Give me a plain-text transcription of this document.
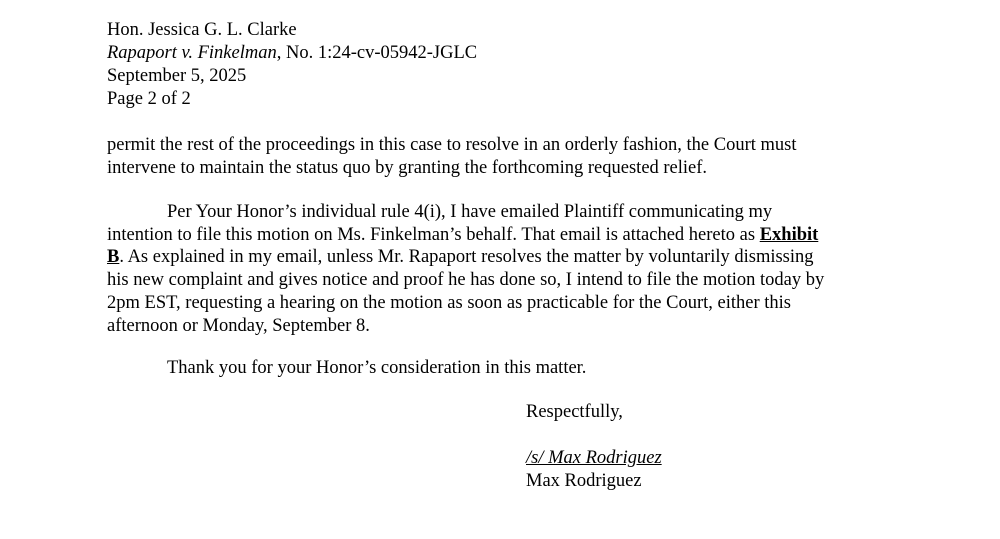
Hon. Jessica G. L. Clarke
Rapaport v. Finkelman, No. 1:24-cv-05942-JGLC
September 5, 2025
Page 2 of 2
permit the rest of the proceedings in this case to resolve in an orderly fashion, the Court must
intervene to maintain the status quo by granting the forthcoming requested relief.
Per Your Honor’s individual rule 4(i), I have emailed Plaintiff communicating my
intention to file this motion on Ms. Finkelman’s behalf. That email is attached hereto as Exhibit
B. As explained in my email, unless Mr. Rapaport resolves the matter by voluntarily dismissing
his new complaint and gives notice and proof he has done so, I intend to file the motion today by
2pm EST, requesting a hearing on the motion as soon as practicable for the Court, either this
afternoon or Monday, September 8.
Thank you for your Honor’s consideration in this matter.
Respectfully,
/s/ Max Rodriguez
Max Rodriguez
